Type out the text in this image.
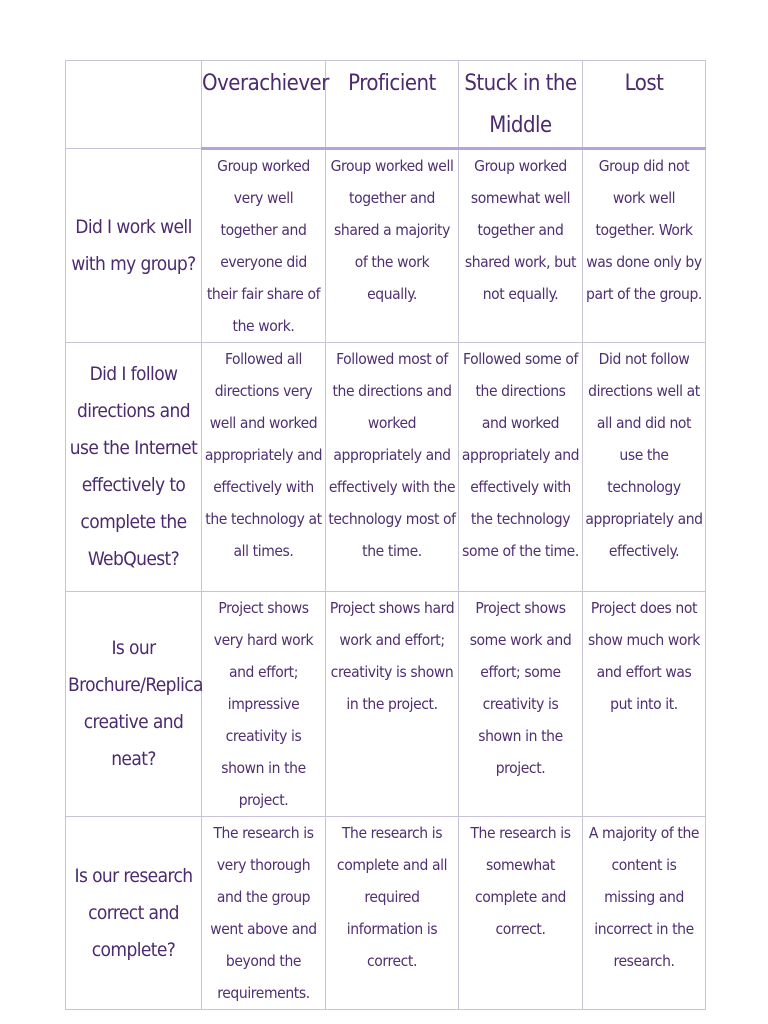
	Overachiever	Proficient	Stuck in the Middle	Lost
Did I work well with my group?	Group worked very well together and everyone did their fair share of the work.	Group worked well together and shared a majority of the work equally.	Group worked somewhat well together and shared work, but not equally.	Group did not work well together. Work was done only by part of the group.
Did I follow directions and use the Internet effectively to complete the WebQuest?	Followed all directions very well and worked appropriately and effectively with the technology at all times.	Followed most of the directions and worked appropriately and effectively with the technology most of the time.	Followed some of the directions and worked appropriately and effectively with the technology some of the time.	Did not follow directions well at all and did not use the technology appropriately and effectively.
Is our Brochure/Replica creative and neat?	Project shows very hard work and effort; impressive creativity is shown in the project.	Project shows hard work and effort; creativity is shown in the project.	Project shows some work and effort; some creativity is shown in the project.	Project does not show much work and effort was put into it.
Is our research correct and complete?	The research is very thorough and the group went above and beyond the requirements.	The research is complete and all required information is correct.	The research is somewhat complete and correct.	A majority of the content is missing and incorrect in the research.
